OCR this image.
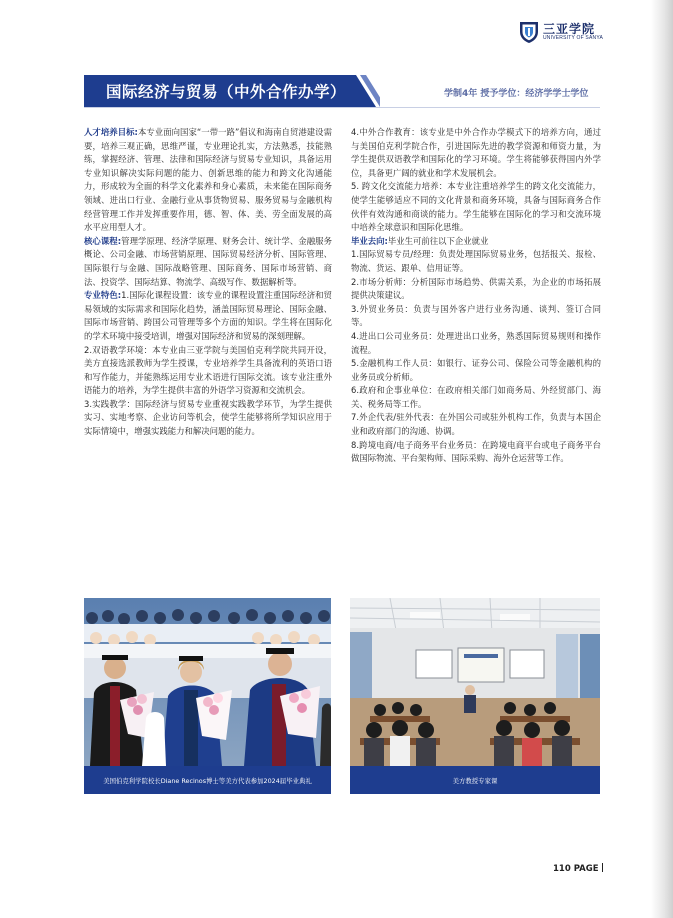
三亚学院
UNIVERSITY OF SANYA
国际经济与贸易（中外合作办学）	学制4年 授予学位：经济学学士学位

人才培养目标:本专业面向国家“一带一路”倡议和海南自贸港建设需要，培养三观正确，思维严谨，专业理论扎实，方法熟悉，技能熟练，掌握经济、管理、法律和国际经济与贸易专业知识，具备运用专业知识解决实际问题的能力、创新思维的能力和跨文化沟通能力，形成较为全面的科学文化素养和身心素质，未来能在国际商务领域、进出口行业、金融行业从事货物贸易、服务贸易与金融机构经营管理工作并发挥重要作用，德、智、体、美、劳全面发展的高水平应用型人才。

核心课程:管理学原理、经济学原理、财务会计、统计学、金融服务概论、公司金融、市场营销原理、国际贸易经济分析、国际管理、国际银行与金融、国际战略管理、国际商务、国际市场营销、商法、投资学、国际结算、物流学、高级写作、数据解析等。

专业特色:1.国际化课程设置：该专业的课程设置注重国际经济和贸易领域的实际需求和国际化趋势，涵盖国际贸易理论、国际金融、国际市场营销、跨国公司管理等多个方面的知识。学生将在国际化的学术环境中接受培训，增强对国际经济和贸易的深刻理解。

2.双语教学环境：本专业由三亚学院与美国伯克利学院共同开设，美方直接选派教师为学生授课，专业培养学生具备流利的英语口语和写作能力，并能熟练运用专业术语进行国际交流。该专业注重外语能力的培养，为学生提供丰富的外语学习资源和交流机会。

3.实践教学：国际经济与贸易专业重视实践教学环节，为学生提供实习、实地考察、企业访问等机会，使学生能够将所学知识应用于实际情境中，增强实践能力和解决问题的能力。

4.中外合作教育：该专业是中外合作办学模式下的培养方向，通过与美国伯克利学院合作，引进国际先进的教学资源和师资力量，为学生提供双语教学和国际化的学习环境。学生将能够获得国内外学位，具备更广阔的就业和学术发展机会。

5. 跨文化交流能力培养：本专业注重培养学生的跨文化交流能力，使学生能够适应不同的文化背景和商务环境，具备与国际商务合作伙伴有效沟通和商谈的能力。学生能够在国际化的学习和交流环境中培养全球意识和国际化思维。

毕业去向:毕业生可前往以下企业就业

1.国际贸易专员/经理：负责处理国际贸易业务，包括报关、报检、物流、货运、跟单、信用证等。

2.市场分析师：分析国际市场趋势、供需关系，为企业的市场拓展提供决策建议。

3.外贸业务员：负责与国外客户进行业务沟通、谈判、签订合同等。

4.进出口公司业务员：处理进出口业务，熟悉国际贸易规则和操作流程。

5.金融机构工作人员：如银行、证券公司、保险公司等金融机构的业务员或分析师。

6.政府和企事业单位：在政府相关部门如商务局、外经贸部门、海关、税务局等工作。

7.外企代表/驻外代表：在外国公司或驻外机构工作，负责与本国企业和政府部门的沟通、协调。

8.跨境电商/电子商务平台业务员：在跨境电商平台或电子商务平台做国际物流、平台架构师、国际采购、海外仓运营等工作。

美国伯克利学院校长Diane Recinos博士等美方代表参加2024届毕业典礼	美方教授专家课
110 PAGE
